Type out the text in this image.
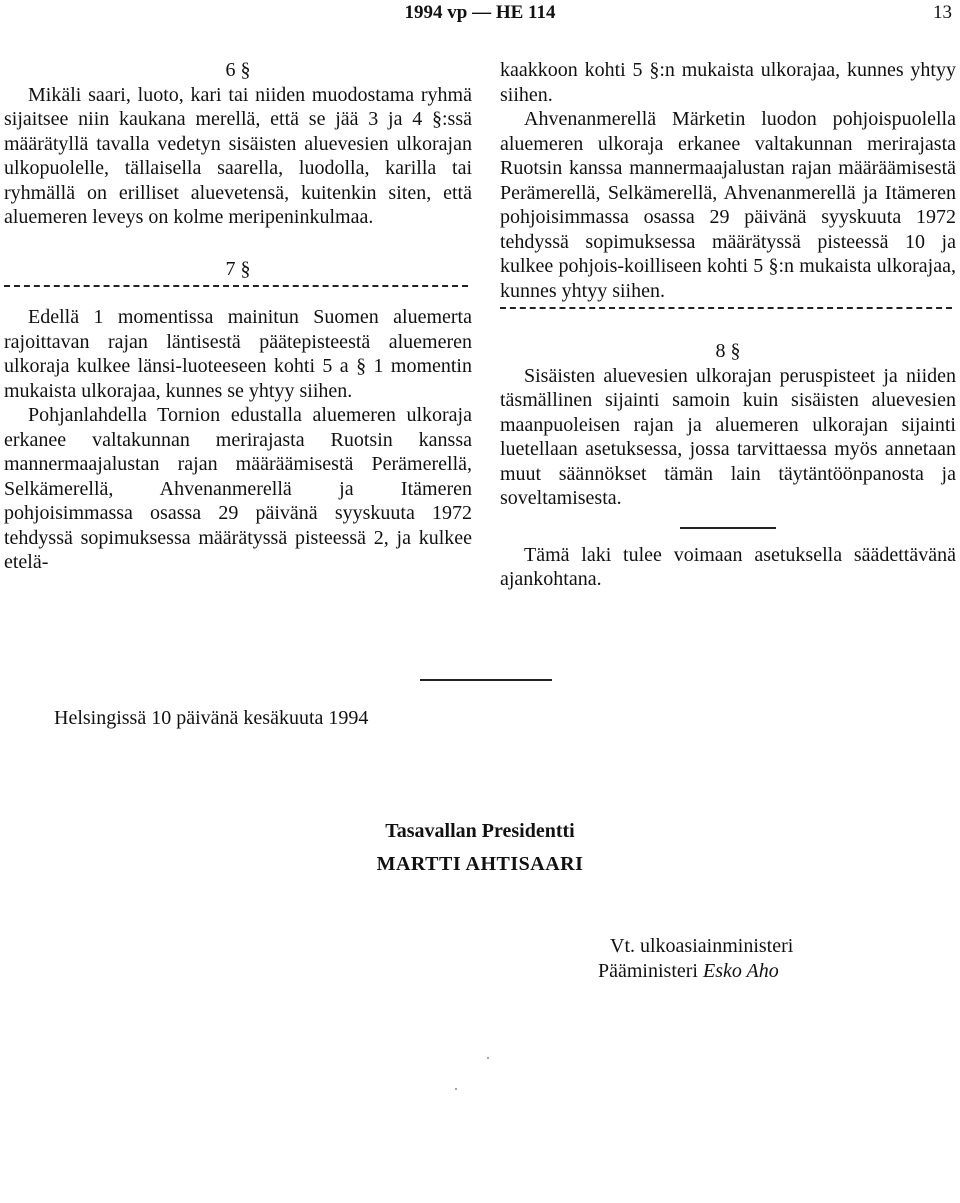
1994 vp — HE 114	13

6 §

Mikäli saari, luoto, kari tai niiden muodostama ryhmä sijaitsee niin kaukana merellä, että se jää 3 ja 4 §:ssä määrätyllä tavalla vedetyn sisäisten aluevesien ulkorajan ulkopuolelle, tällaisella saarella, luodolla, karilla tai ryhmällä on erilliset aluevetensä, kuitenkin siten, että aluemeren leveys on kolme meripeninkulmaa.

7 §

Edellä 1 momentissa mainitun Suomen aluemerta rajoittavan rajan läntisestä päätepisteestä aluemeren ulkoraja kulkee länsi-luoteeseen kohti 5 a § 1 momentin mukaista ulkorajaa, kunnes se yhtyy siihen.

Pohjanlahdella Tornion edustalla aluemeren ulkoraja erkanee valtakunnan merirajasta Ruotsin kanssa mannermaajalustan rajan määräämisestä Perämerellä, Selkämerellä, Ahvenanmerellä ja Itämeren pohjoisimmassa osassa 29 päivänä syyskuuta 1972 tehdyssä sopimuksessa määrätyssä pisteessä 2, ja kulkee etelä-

kaakkoon kohti 5 §:n mukaista ulkorajaa, kunnes yhtyy siihen.

Ahvenanmerellä Märketin luodon pohjoispuolella aluemeren ulkoraja erkanee valtakunnan merirajasta Ruotsin kanssa mannermaajalustan rajan määräämisestä Perämerellä, Selkämerellä, Ahvenanmerellä ja Itämeren pohjoisimmassa osassa 29 päivänä syyskuuta 1972 tehdyssä sopimuksessa määrätyssä pisteessä 10 ja kulkee pohjois-koilliseen kohti 5 §:n mukaista ulkorajaa, kunnes yhtyy siihen.

8 §

Sisäisten aluevesien ulkorajan peruspisteet ja niiden täsmällinen sijainti samoin kuin sisäisten aluevesien maanpuoleisen rajan ja aluemeren ulkorajan sijainti luetellaan asetuksessa, jossa tarvittaessa myös annetaan muut säännökset tämän lain täytäntöönpanosta ja soveltamisesta.

Tämä laki tulee voimaan asetuksella säädettävänä ajankohtana.

Helsingissä 10 päivänä kesäkuuta 1994
Tasavallan Presidentti
MARTTI AHTISAARI
Vt. ulkoasiainministeri
Pääministeri Esko Aho
